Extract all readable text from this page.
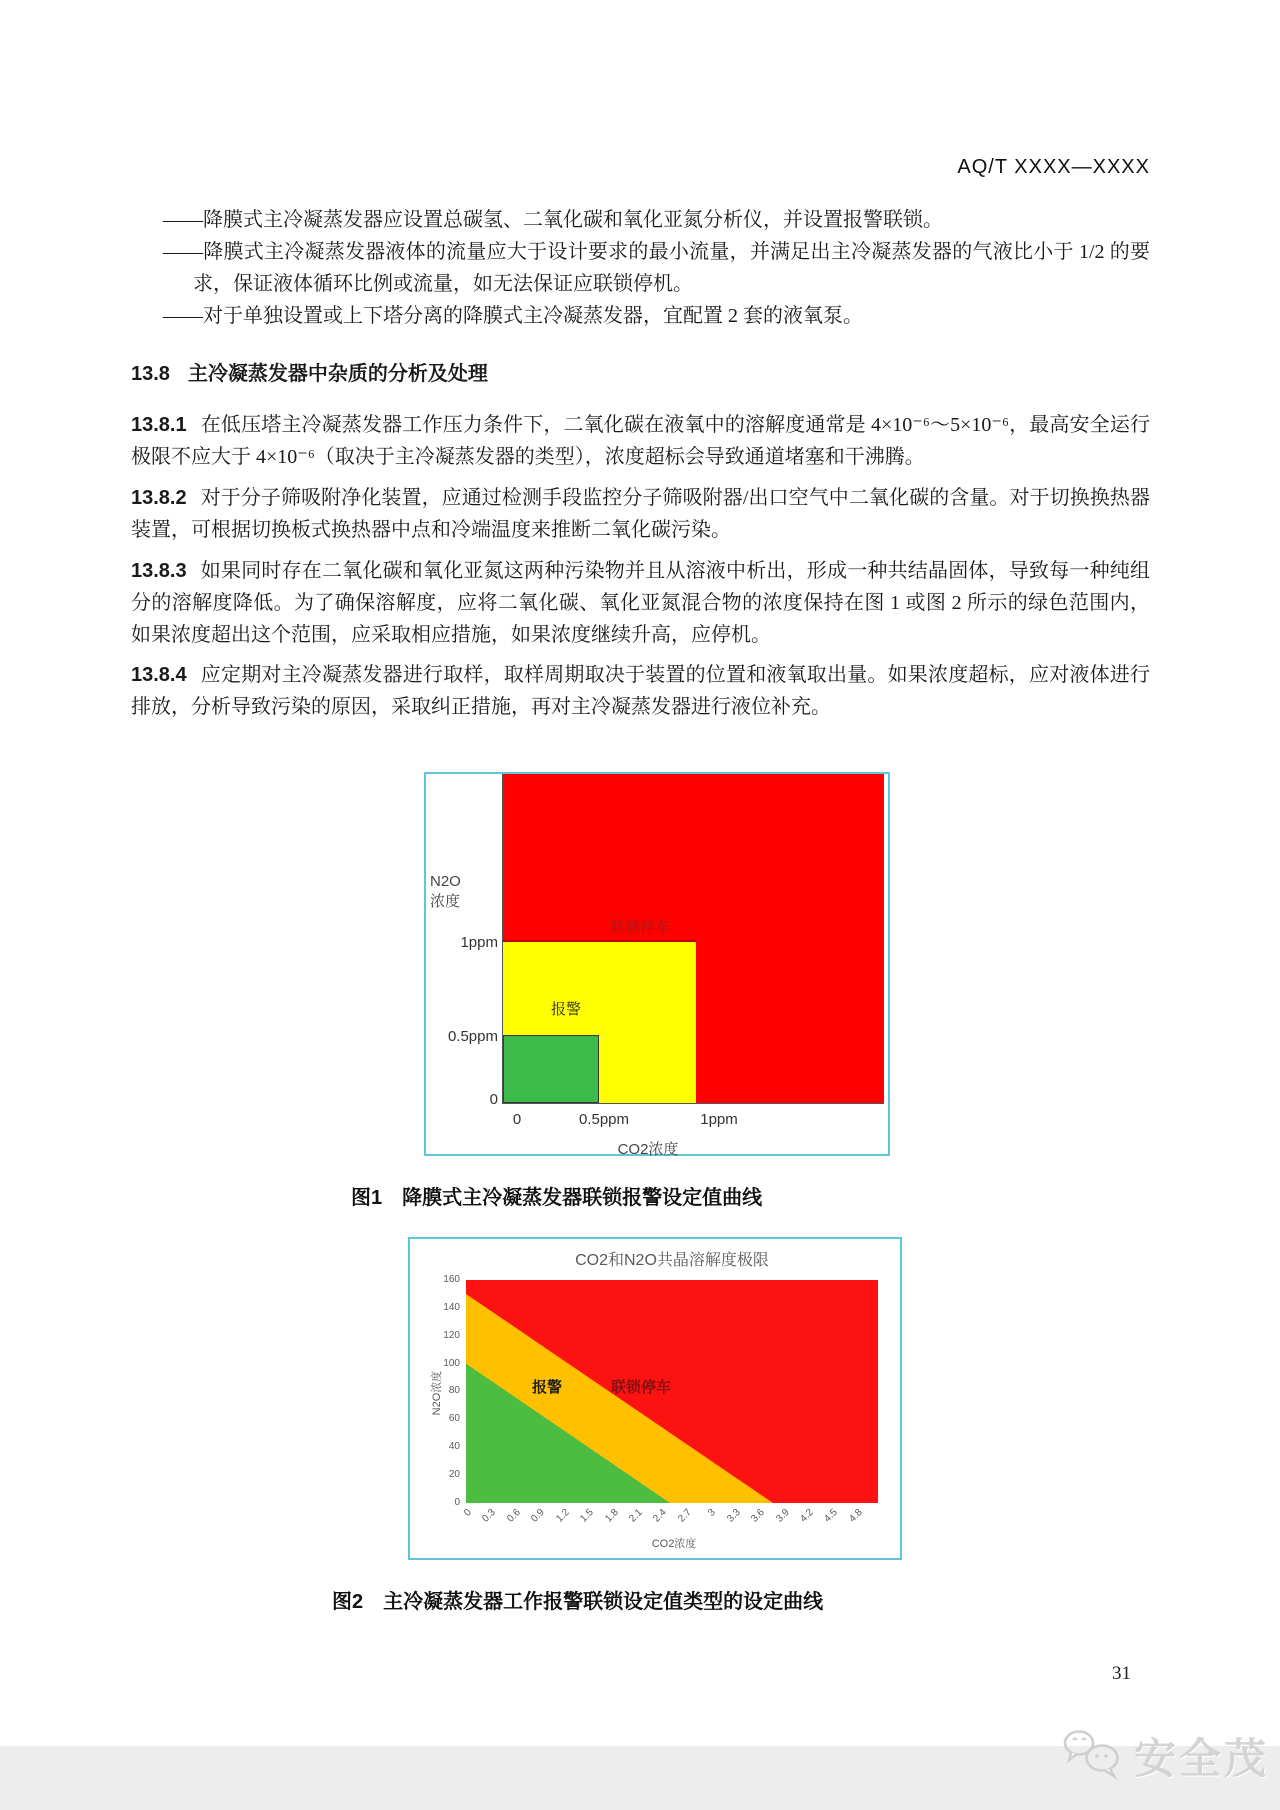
AQ/T XXXX—XXXX
——降膜式主冷凝蒸发器应设置总碳氢、二氧化碳和氧化亚氮分析仪，并设置报警联锁。
——降膜式主冷凝蒸发器液体的流量应大于设计要求的最小流量，并满足出主冷凝蒸发器的气液比小于 1/2 的要求，保证液体循环比例或流量，如无法保证应联锁停机。
——对于单独设置或上下塔分离的降膜式主冷凝蒸发器，宜配置 2 套的液氧泵。
13.8 主冷凝蒸发器中杂质的分析及处理
13.8.1 在低压塔主冷凝蒸发器工作压力条件下，二氧化碳在液氧中的溶解度通常是 4×10⁻⁶～5×10⁻⁶，最高安全运行极限不应大于 4×10⁻⁶（取决于主冷凝蒸发器的类型），浓度超标会导致通道堵塞和干沸腾。
13.8.2 对于分子筛吸附净化装置，应通过检测手段监控分子筛吸附器/出口空气中二氧化碳的含量。对于切换换热器装置，可根据切换板式换热器中点和冷端温度来推断二氧化碳污染。
13.8.3 如果同时存在二氧化碳和氧化亚氮这两种污染物并且从溶液中析出，形成一种共结晶固体，导致每一种纯组分的溶解度降低。为了确保溶解度，应将二氧化碳、氧化亚氮混合物的浓度保持在图 1 或图 2 所示的绿色范围内，如果浓度超出这个范围，应采取相应措施，如果浓度继续升高，应停机。
13.8.4 应定期对主冷凝蒸发器进行取样，取样周期取决于装置的位置和液氧取出量。如果浓度超标，应对液体进行排放，分析导致污染的原因，采取纠正措施，再对主冷凝蒸发器进行液位补充。
N2O
浓度
1ppm
0.5ppm
0
报警
联锁停车
0	0.5ppm	1ppm
CO2浓度
图1　降膜式主冷凝蒸发器联锁报警设定值曲线
CO2和N2O共晶溶解度极限
N2O浓度
160
140
120
100
80
60
40
20
0
报警	联锁停车
0 0.3 0.6 0.9 1.2 1.5 1.8 2.1 2.4 2.7	3 3.3 3.6 3.9 4.2 4.5 4.8
CO2浓度
图2　主冷凝蒸发器工作报警联锁设定值类型的设定曲线
31
安全茂
